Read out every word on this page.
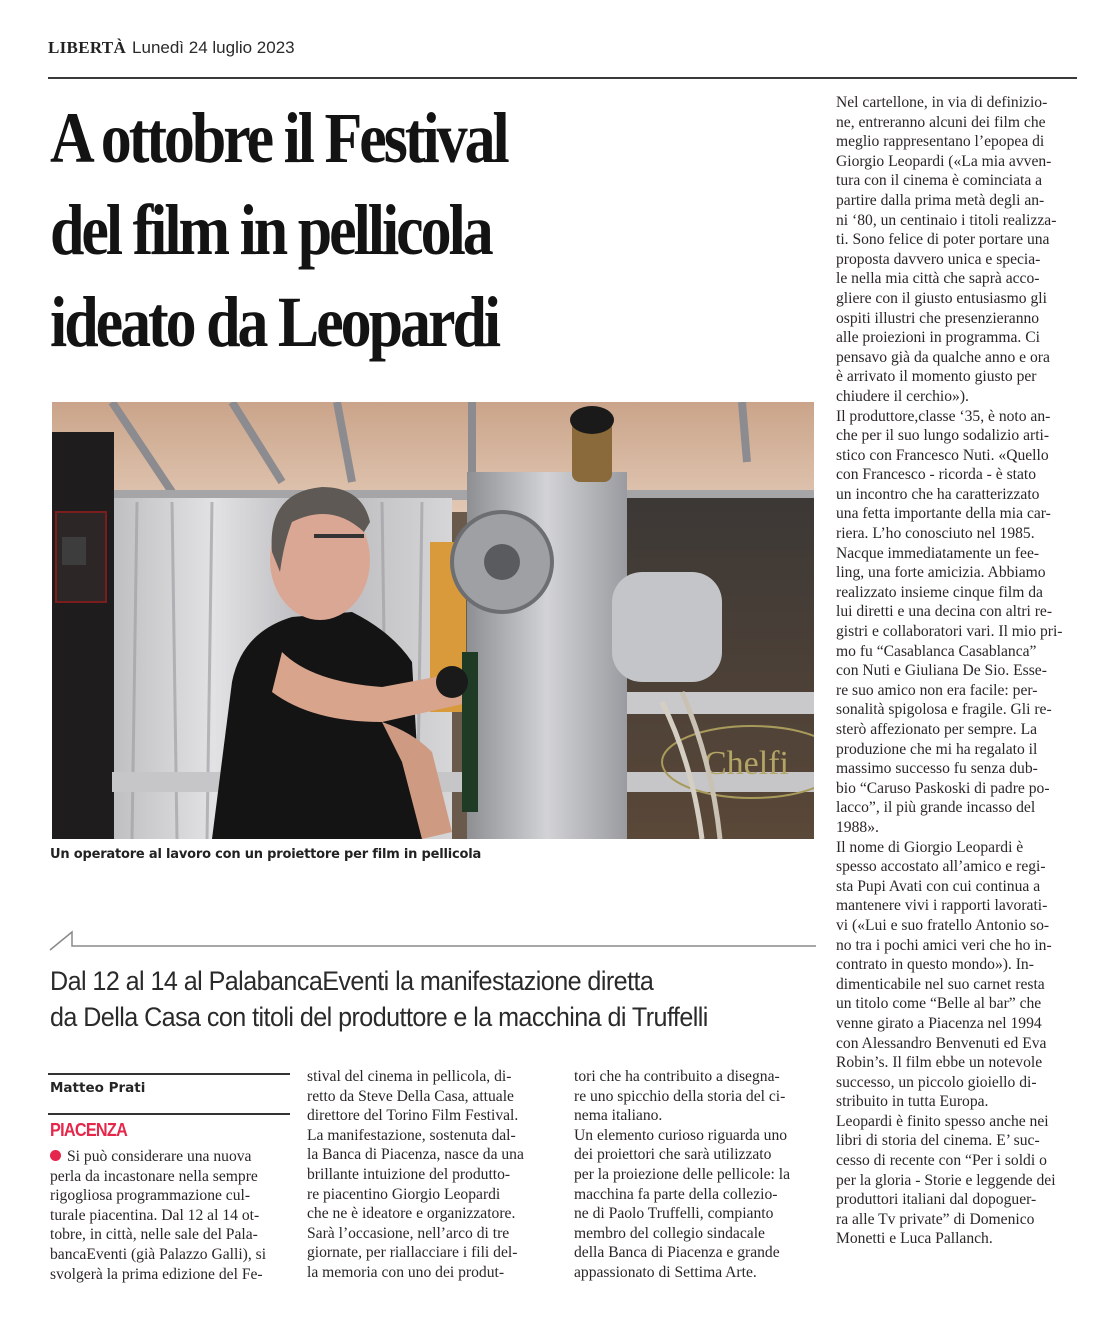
LIBERTÀ Lunedì 24 luglio 2023
A ottobre il Festival
del film in pellicola
ideato da Leopardi
Chelfi
Un operatore al lavoro con un proiettore per film in pellicola
Dal 12 al 14 al PalabancaEventi la manifestazione diretta
da Della Casa con titoli del produttore e la macchina di Truffelli
Matteo Prati
PIACENZA
Si può considerare una nuova
perla da incastonare nella sempre
rigogliosa programmazione cul-
turale piacentina. Dal 12 al 14 ot-
tobre, in città, nelle sale del Pala-
bancaEventi (già Palazzo Galli), si
svolgerà la prima edizione del Fe-
stival del cinema in pellicola, di-
retto da Steve Della Casa, attuale
direttore del Torino Film Festival.
La manifestazione, sostenuta dal-
la Banca di Piacenza, nasce da una
brillante intuizione del produtto-
re piacentino Giorgio Leopardi
che ne è ideatore e organizzatore.
Sarà l’occasione, nell’arco di tre
giornate, per riallacciare i fili del-
la memoria con uno dei produt-
tori che ha contribuito a disegna-
re uno spicchio della storia del ci-
nema italiano.
Un elemento curioso riguarda uno
dei proiettori che sarà utilizzato
per la proiezione delle pellicole: la
macchina fa parte della collezio-
ne di Paolo Truffelli, compianto
membro del collegio sindacale
della Banca di Piacenza e grande
appassionato di Settima Arte.
Nel cartellone, in via di definizio-
ne, entreranno alcuni dei film che
meglio rappresentano l’epopea di
Giorgio Leopardi («La mia avven-
tura con il cinema è cominciata a
partire dalla prima metà degli an-
ni ‘80, un centinaio i titoli realizza-
ti. Sono felice di poter portare una
proposta davvero unica e specia-
le nella mia città che saprà acco-
gliere con il giusto entusiasmo gli
ospiti illustri che presenzieranno
alle proiezioni in programma. Ci
pensavo già da qualche anno e ora
è arrivato il momento giusto per
chiudere il cerchio»).
Il produttore,classe ‘35, è noto an-
che per il suo lungo sodalizio arti-
stico con Francesco Nuti. «Quello
con Francesco - ricorda - è stato
un incontro che ha caratterizzato
una fetta importante della mia car-
riera. L’ho conosciuto nel 1985.
Nacque immediatamente un fee-
ling, una forte amicizia. Abbiamo
realizzato insieme cinque film da
lui diretti e una decina con altri re-
gistri e collaboratori vari. Il mio pri-
mo fu “Casablanca Casablanca”
con Nuti e Giuliana De Sio. Esse-
re suo amico non era facile: per-
sonalità spigolosa e fragile. Gli re-
sterò affezionato per sempre. La
produzione che mi ha regalato il
massimo successo fu senza dub-
bio “Caruso Paskoski di padre po-
lacco”, il più grande incasso del
1988».
Il nome di Giorgio Leopardi è
spesso accostato all’amico e regi-
sta Pupi Avati con cui continua a
mantenere vivi i rapporti lavorati-
vi («Lui e suo fratello Antonio so-
no tra i pochi amici veri che ho in-
contrato in questo mondo»). In-
dimenticabile nel suo carnet resta
un titolo come “Belle al bar” che
venne girato a Piacenza nel 1994
con Alessandro Benvenuti ed Eva
Robin’s. Il film ebbe un notevole
successo, un piccolo gioiello di-
stribuito in tutta Europa.
Leopardi è finito spesso anche nei
libri di storia del cinema. E’ suc-
cesso di recente con “Per i soldi o
per la gloria - Storie e leggende dei
produttori italiani dal dopoguer-
ra alle Tv private” di Domenico
Monetti e Luca Pallanch.
